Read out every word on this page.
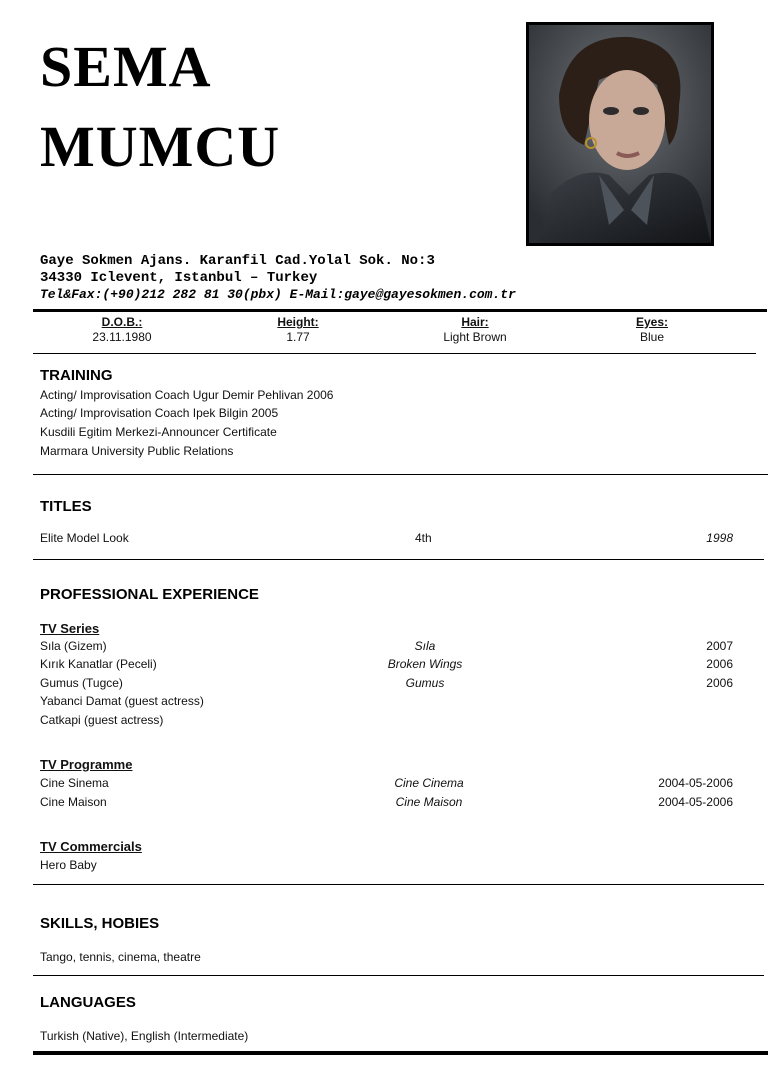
SEMA
MUMCU
Gaye Sokmen Ajans. Karanfil Cad.Yolal Sok. No:3
34330 Iclevent, Istanbul – Turkey
Tel&Fax:(+90)212 282 81 30(pbx) E-Mail:gaye@gayesokmen.com.tr
D.O.B.:
23.11.1980
Height:
1.77
Hair:
Light Brown
Eyes:
Blue
TRAINING
Acting/ Improvisation Coach Ugur Demir Pehlivan 2006
Acting/ Improvisation Coach Ipek Bilgin 2005
Kusdili Egitim Merkezi-Announcer Certificate
Marmara University Public Relations
TITLES
Elite Model Look	4th	1998
PROFESSIONAL EXPERIENCE
TV Series
Sıla (Gizem)	Sıla	2007
Kırık Kanatlar (Peceli)	Broken Wings	2006
Gumus (Tugce)	Gumus	2006
Yabanci Damat (guest actress)
Catkapi (guest actress)
TV Programme
Cine Sinema	Cine Cinema	2004-05-2006
Cine Maison	Cine Maison	2004-05-2006
TV Commercials
Hero Baby
SKILLS, HOBIES
Tango, tennis, cinema, theatre
LANGUAGES
Turkish (Native), English (Intermediate)
